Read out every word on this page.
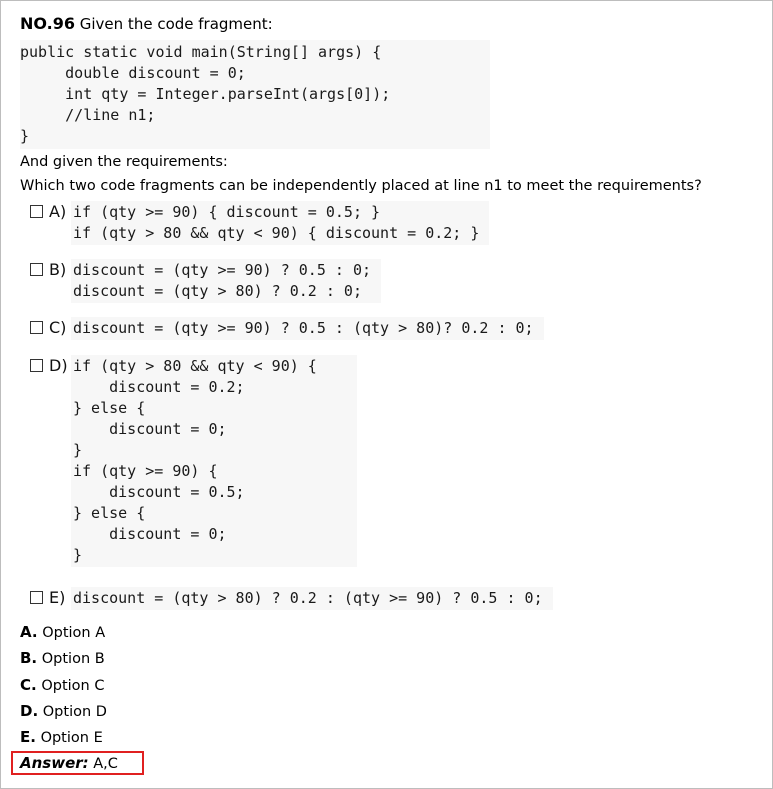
NO.96 Given the code fragment:
public static void main(String[] args) {
double discount = 0;
int qty = Integer.parseInt(args[0]);
//line n1;
}
And given the requirements:
Which two code fragments can be independently placed at line n1 to meet the requirements?
A) if (qty >= 90) { discount = 0.5; }
if (qty > 80 && qty < 90) { discount = 0.2; }
B) discount = (qty >= 90) ? 0.5 : 0;
discount = (qty > 80) ? 0.2 : 0;
C) discount = (qty >= 90) ? 0.5 : (qty > 80)? 0.2 : 0;
D) if (qty > 80 && qty < 90) {
discount = 0.2;
} else {
discount = 0;
}
if (qty >= 90) {
discount = 0.5;
} else {
discount = 0;
}
E) discount = (qty > 80) ? 0.2 : (qty >= 90) ? 0.5 : 0;
A. Option A
B. Option B
C. Option C
D. Option D
E. Option E
Answer: A,C
